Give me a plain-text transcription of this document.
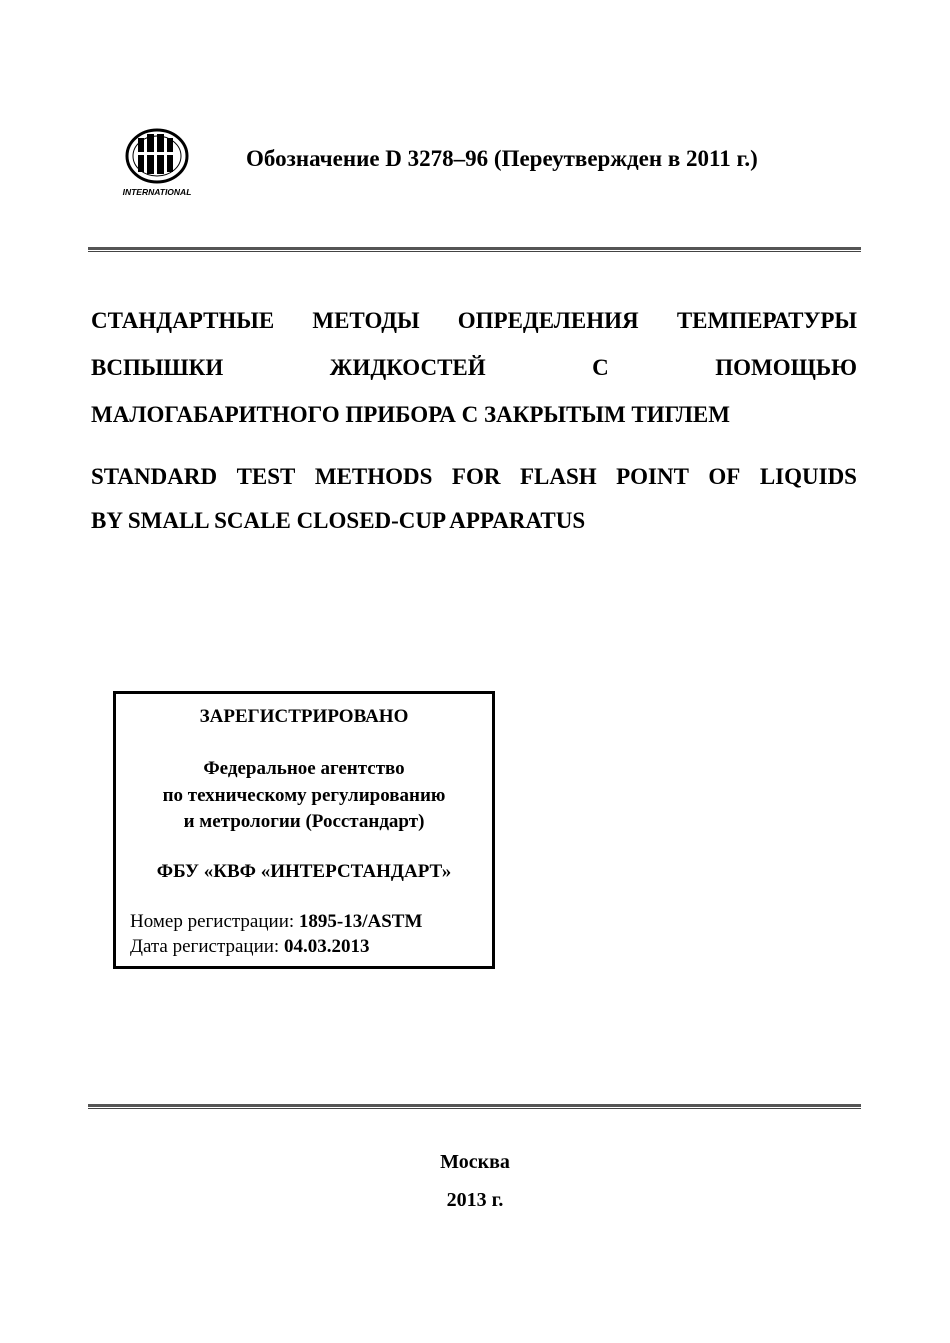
INTERNATIONAL
Обозначение D 3278–96 (Переутвержден в 2011 г.)
СТАНДАРТНЫЕ МЕТОДЫ ОПРЕДЕЛЕНИЯ ТЕМПЕРАТУРЫ
ВСПЫШКИ	ЖИДКОСТЕЙ	С	ПОМОЩЬЮ
МАЛОГАБАРИТНОГО ПРИБОРА С ЗАКРЫТЫМ ТИГЛЕМ
STANDARD TEST METHODS FOR FLASH POINT OF LIQUIDS
BY SMALL SCALE CLOSED-CUP APPARATUS
ЗАРЕГИСТРИРОВАНО
Федеральное агентство
по техническому регулированию
и метрологии (Росстандарт)
ФБУ «КВФ «ИНТЕРСТАНДАРТ»
Номер регистрации: 1895-13/ASTM
Дата регистрации: 04.03.2013
Москва
2013 г.
